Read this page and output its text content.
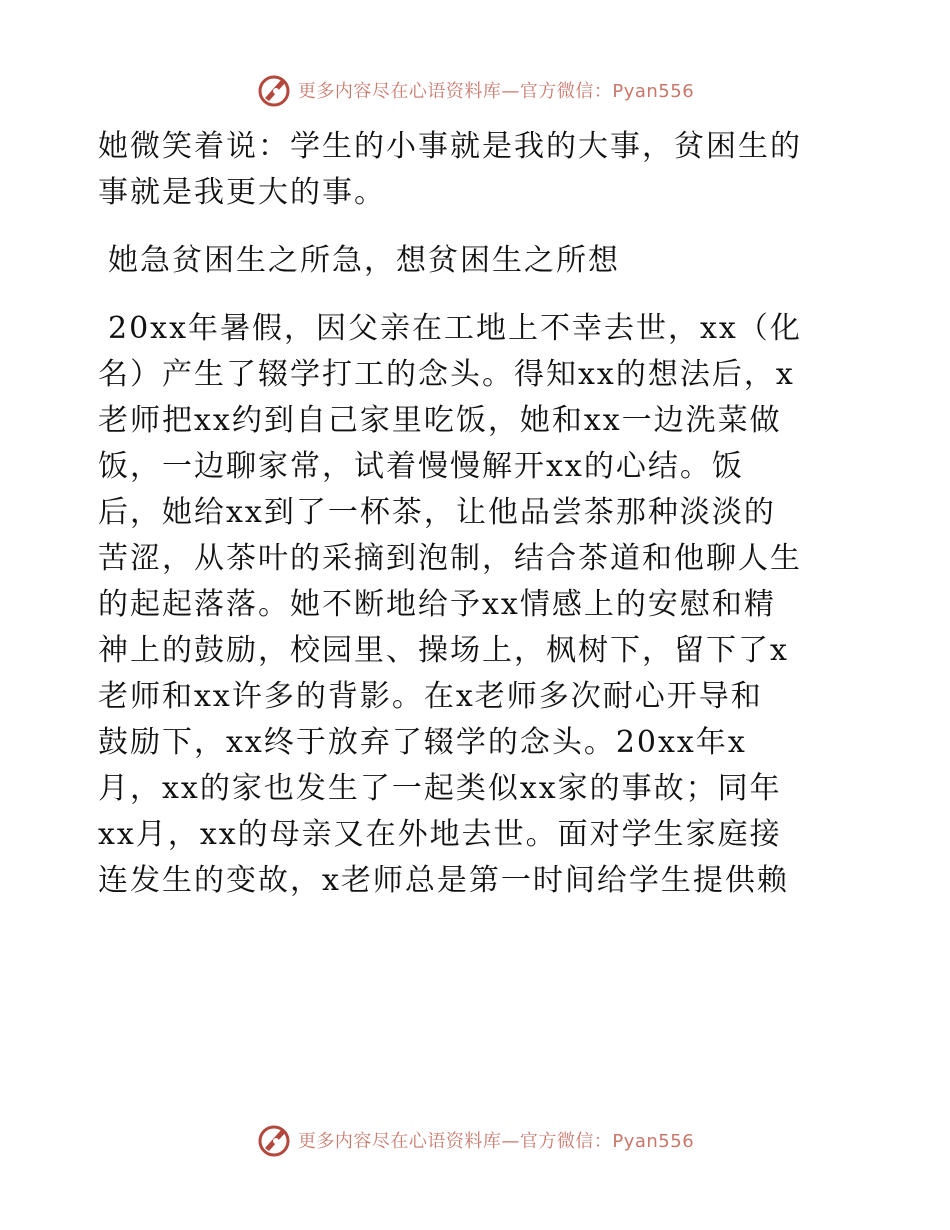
更多内容尽在心语资料库—官方微信：Pyan556
她微笑着说：学生的小事就是我的大事，贫困生的
事就是我更大的事。
她急贫困生之所急，想贫困生之所想
20xx年暑假，因父亲在工地上不幸去世，xx（化
名）产生了辍学打工的念头。得知xx的想法后，x
老师把xx约到自己家里吃饭，她和xx一边洗菜做
饭，一边聊家常，试着慢慢解开xx的心结。饭
后，她给xx到了一杯茶，让他品尝茶那种淡淡的
苦涩，从茶叶的采摘到泡制，结合茶道和他聊人生
的起起落落。她不断地给予xx情感上的安慰和精
神上的鼓励，校园里、操场上，枫树下，留下了x
老师和xx许多的背影。在x老师多次耐心开导和
鼓励下，xx终于放弃了辍学的念头。20xx年x
月，xx的家也发生了一起类似xx家的事故；同年
xx月，xx的母亲又在外地去世。面对学生家庭接
连发生的变故，x老师总是第一时间给学生提供赖
更多内容尽在心语资料库—官方微信：Pyan556
